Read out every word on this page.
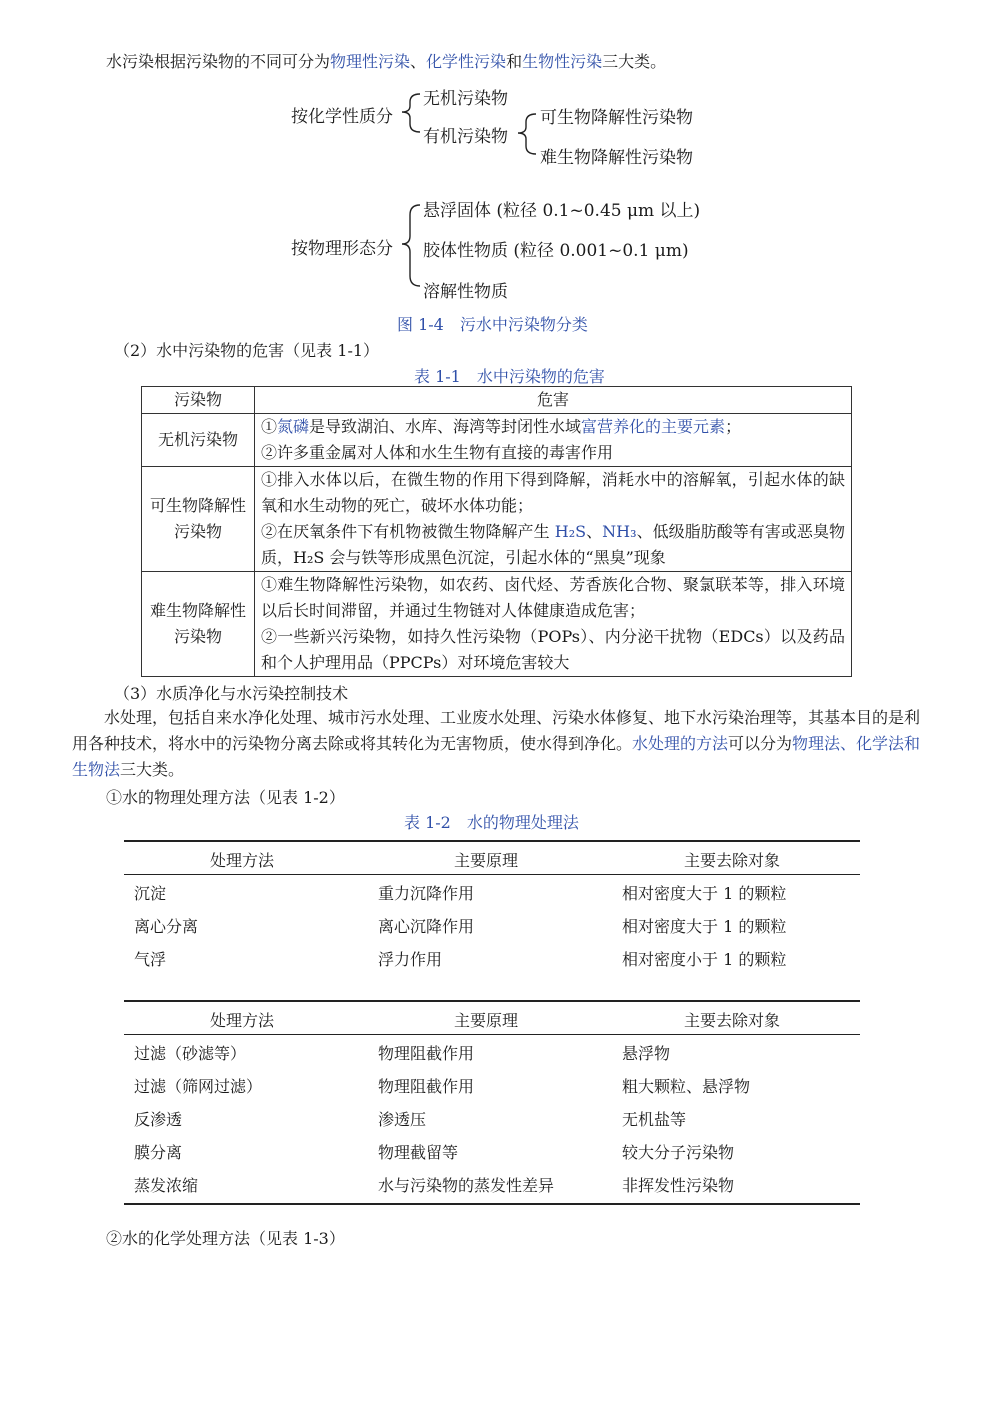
水污染根据污染物的不同可分为物理性污染、化学性污染和生物性污染三大类。
按化学性质分
无机污染物
有机污染物
可生物降解性污染物
难生物降解性污染物
按物理形态分
悬浮固体 (粒径 0.1~0.45 μm 以上)
胶体性物质 (粒径 0.001~0.1 μm)
溶解性物质
图 1-4　污水中污染物分类
（2）水中污染物的危害（见表 1-1）
表 1-1　水中污染物的危害
污染物	危害
无机污染物	①氮磷是导致湖泊、水库、海湾等封闭性水域富营养化的主要元素；
②许多重金属对人体和水生生物有直接的毒害作用

可生物降解性污染物	①排入水体以后，在微生物的作用下得到降解，消耗水中的溶解氧，引起水体的缺氧和水生动物的死亡，破坏水体功能；
②在厌氧条件下有机物被微生物降解产生 H₂S、NH₃、低级脂肪酸等有害或恶臭物质，H₂S 会与铁等形成黑色沉淀，引起水体的“黑臭”现象

难生物降解性污染物	①难生物降解性污染物，如农药、卤代烃、芳香族化合物、聚氯联苯等，排入环境以后长时间滞留，并通过生物链对人体健康造成危害；
②一些新兴污染物，如持久性污染物（POPs）、内分泌干扰物（EDCs）以及药品和个人护理用品（PPCPs）对环境危害较大
（3）水质净化与水污染控制技术

水处理，包括自来水净化处理、城市污水处理、工业废水处理、污染水体修复、地下水污染治理等，其基本目的是利用各种技术，将水中的污染物分离去除或将其转化为无害物质，使水得到净化。水处理的方法可以分为物理法、化学法和生物法三大类。

①水的物理处理方法（见表 1-2）
表 1-2　水的物理处理法
处理方法	主要原理	主要去除对象
沉淀	重力沉降作用	相对密度大于 1 的颗粒
离心分离	离心沉降作用	相对密度大于 1 的颗粒
气浮	浮力作用	相对密度小于 1 的颗粒
处理方法	主要原理	主要去除对象
过滤（砂滤等）	物理阻截作用	悬浮物
过滤（筛网过滤）	物理阻截作用	粗大颗粒、悬浮物
反渗透	渗透压	无机盐等
膜分离	物理截留等	较大分子污染物
蒸发浓缩	水与污染物的蒸发性差异	非挥发性污染物
②水的化学处理方法（见表 1-3）
